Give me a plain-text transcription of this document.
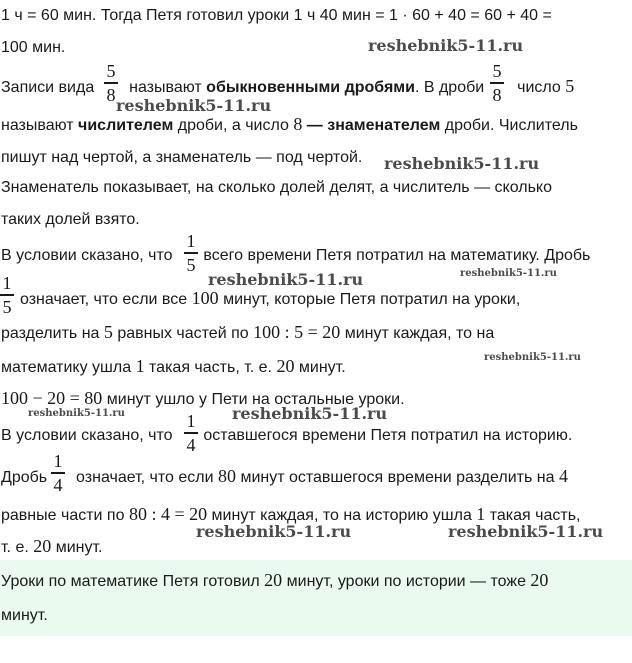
1 ч = 60 мин. Тогда Петя готовил уроки 1 ч 40 мин = 1 · 60 + 40 = 60 + 40 =
100 мин.
Записи вида называют обыкновенными дробями. В дроби число 5
5
8
5
8
называют числителем дроби, а число 8 — знаменателем дроби. Числитель
пишут над чертой, а знаменатель — под чертой.
Знаменатель показывает, на сколько долей делят, а числитель — сколько
таких долей взято.
В условии сказано, что всего времени Петя потратил на математику. Дробь
1
5
1
5 означает, что если все 100 минут, которые Петя потратил на уроки,
разделить на 5 равных частей по 100 : 5 = 20 минут каждая, то на
математику ушла 1 такая часть, т. е. 20 минут.
100 − 20 = 80 минут ушло у Пети на остальные уроки.
В условии сказано, что оставшегося времени Петя потратил на историю.
1
4
Дробь означает, что если 80 минут оставшегося времени разделить на 4
1
4
равные части по 80 : 4 = 20 минут каждая, то на историю ушла 1 такая часть,
т. е. 20 минут.
Уроки по математике Петя готовил 20 минут, уроки по истории — тоже 20
минут.
reshebnik5-11.ru
reshebnik5-11.ru
reshebnik5-11.ru
reshebnik5-11.ru	reshebnik5-11.ru
reshebnik5-11.ru
reshebnik5-11.ru	reshebnik5-11.ru
reshebnik5-11.ru	reshebnik5-11.ru
